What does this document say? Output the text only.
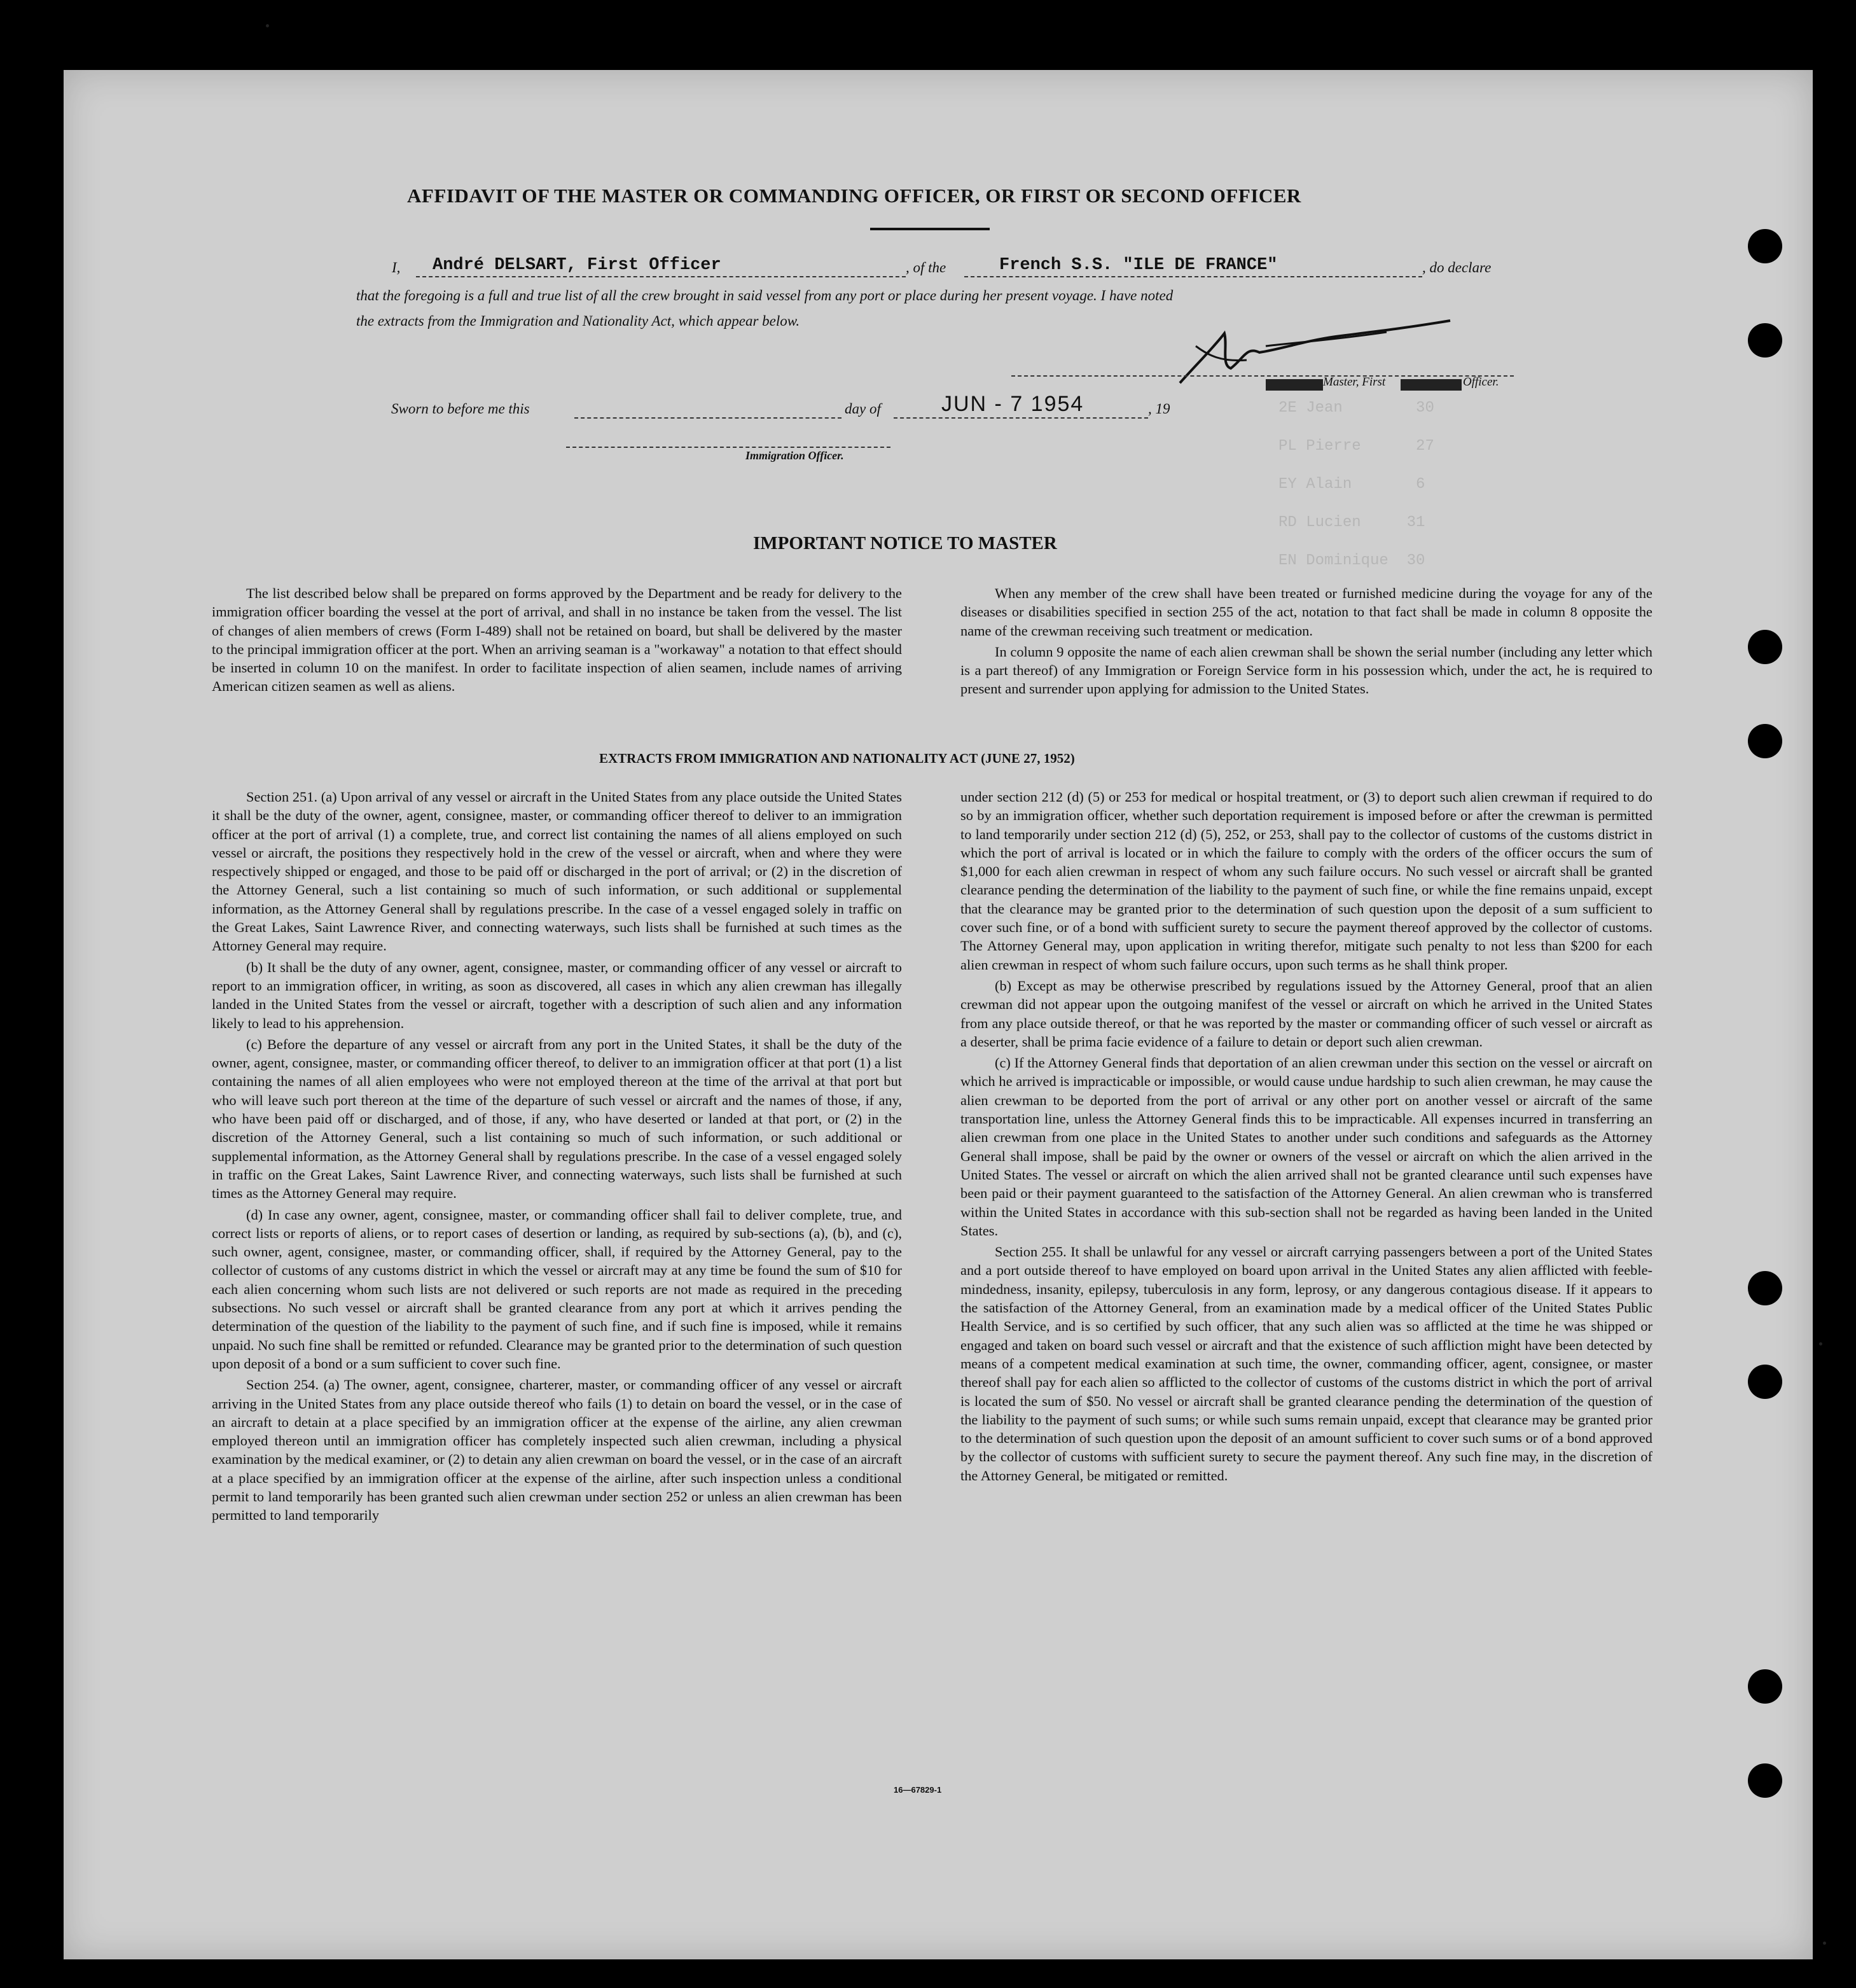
2E Jean        30
PL Pierre      27
EY Alain       6
RD Lucien     31
EN Dominique  30
AFFIDAVIT OF THE MASTER OR COMMANDING OFFICER, OR FIRST OR SECOND OFFICER
I, André DELSART, First Officer	, of the	French S.S. "ILE DE FRANCE"	, do declare
that the foregoing is a full and true list of all the crew brought in said vessel from any port or place during her present voyage. I have noted
the extracts from the Immigration and Nationality Act, which appear below.
Master, First	Officer.
Sworn to before me this	day of	JUN - 7 1954	, 19
Immigration Officer.
IMPORTANT NOTICE TO MASTER

The list described below shall be prepared on forms approved by the Department and be ready for delivery to the immigration officer boarding the vessel at the port of arrival, and shall in no instance be taken from the vessel. The list of changes of alien members of crews (Form I-489) shall not be retained on board, but shall be delivered by the master to the principal immigration officer at the port. When an arriving seaman is a "workaway" a notation to that effect should be inserted in column 10 on the manifest. In order to facilitate inspection of alien seamen, include names of arriving American citizen seamen as well as aliens.

When any member of the crew shall have been treated or furnished medicine during the voyage for any of the diseases or disabilities specified in section 255 of the act, notation to that fact shall be made in column 8 opposite the name of the crewman receiving such treatment or medication.

In column 9 opposite the name of each alien crewman shall be shown the serial number (including any letter which is a part thereof) of any Immigration or Foreign Service form in his possession which, under the act, he is required to present and surrender upon applying for admission to the United States.

EXTRACTS FROM IMMIGRATION AND NATIONALITY ACT (JUNE 27, 1952)

Section 251. (a) Upon arrival of any vessel or aircraft in the United States from any place outside the United States it shall be the duty of the owner, agent, consignee, master, or commanding officer thereof to deliver to an immigration officer at the port of arrival (1) a complete, true, and correct list containing the names of all aliens employed on such vessel or aircraft, the positions they respectively hold in the crew of the vessel or aircraft, when and where they were respectively shipped or engaged, and those to be paid off or discharged in the port of arrival; or (2) in the discretion of the Attorney General, such a list containing so much of such information, or such additional or supplemental information, as the Attorney General shall by regulations prescribe. In the case of a vessel engaged solely in traffic on the Great Lakes, Saint Lawrence River, and connecting waterways, such lists shall be furnished at such times as the Attorney General may require.

(b) It shall be the duty of any owner, agent, consignee, master, or commanding officer of any vessel or aircraft to report to an immigration officer, in writing, as soon as discovered, all cases in which any alien crewman has illegally landed in the United States from the vessel or aircraft, together with a description of such alien and any information likely to lead to his apprehension.

(c) Before the departure of any vessel or aircraft from any port in the United States, it shall be the duty of the owner, agent, consignee, master, or commanding officer thereof, to deliver to an immigration officer at that port (1) a list containing the names of all alien employees who were not employed thereon at the time of the arrival at that port but who will leave such port thereon at the time of the departure of such vessel or aircraft and the names of those, if any, who have been paid off or discharged, and of those, if any, who have deserted or landed at that port, or (2) in the discretion of the Attorney General, such a list containing so much of such information, or such additional or supplemental information, as the Attorney General shall by regulations prescribe. In the case of a vessel engaged solely in traffic on the Great Lakes, Saint Lawrence River, and connecting waterways, such lists shall be furnished at such times as the Attorney General may require.

(d) In case any owner, agent, consignee, master, or commanding officer shall fail to deliver complete, true, and correct lists or reports of aliens, or to report cases of desertion or landing, as required by sub-sections (a), (b), and (c), such owner, agent, consignee, master, or commanding officer, shall, if required by the Attorney General, pay to the collector of customs of any customs district in which the vessel or aircraft may at any time be found the sum of $10 for each alien concerning whom such lists are not delivered or such reports are not made as required in the preceding subsections. No such vessel or aircraft shall be granted clearance from any port at which it arrives pending the determination of the question of the liability to the payment of such fine, and if such fine is imposed, while it remains unpaid. No such fine shall be remitted or refunded. Clearance may be granted prior to the determination of such question upon deposit of a bond or a sum sufficient to cover such fine.

Section 254. (a) The owner, agent, consignee, charterer, master, or commanding officer of any vessel or aircraft arriving in the United States from any place outside thereof who fails (1) to detain on board the vessel, or in the case of an aircraft to detain at a place specified by an immigration officer at the expense of the airline, any alien crewman employed thereon until an immigration officer has completely inspected such alien crewman, including a physical examination by the medical examiner, or (2) to detain any alien crewman on board the vessel, or in the case of an aircraft at a place specified by an immigration officer at the expense of the airline, after such inspection unless a conditional permit to land temporarily has been granted such alien crewman under section 252 or unless an alien crewman has been permitted to land temporarily

under section 212 (d) (5) or 253 for medical or hospital treatment, or (3) to deport such alien crewman if required to do so by an immigration officer, whether such deportation requirement is imposed before or after the crewman is permitted to land temporarily under section 212 (d) (5), 252, or 253, shall pay to the collector of customs of the customs district in which the port of arrival is located or in which the failure to comply with the orders of the officer occurs the sum of $1,000 for each alien crewman in respect of whom any such failure occurs. No such vessel or aircraft shall be granted clearance pending the determination of the liability to the payment of such fine, or while the fine remains unpaid, except that the clearance may be granted prior to the determination of such question upon the deposit of a sum sufficient to cover such fine, or of a bond with sufficient surety to secure the payment thereof approved by the collector of customs. The Attorney General may, upon application in writing therefor, mitigate such penalty to not less than $200 for each alien crewman in respect of whom such failure occurs, upon such terms as he shall think proper.

(b) Except as may be otherwise prescribed by regulations issued by the Attorney General, proof that an alien crewman did not appear upon the outgoing manifest of the vessel or aircraft on which he arrived in the United States from any place outside thereof, or that he was reported by the master or commanding officer of such vessel or aircraft as a deserter, shall be prima facie evidence of a failure to detain or deport such alien crewman.

(c) If the Attorney General finds that deportation of an alien crewman under this section on the vessel or aircraft on which he arrived is impracticable or impossible, or would cause undue hardship to such alien crewman, he may cause the alien crewman to be deported from the port of arrival or any other port on another vessel or aircraft of the same transportation line, unless the Attorney General finds this to be impracticable. All expenses incurred in transferring an alien crewman from one place in the United States to another under such conditions and safeguards as the Attorney General shall impose, shall be paid by the owner or owners of the vessel or aircraft on which the alien arrived in the United States. The vessel or aircraft on which the alien arrived shall not be granted clearance until such expenses have been paid or their payment guaranteed to the satisfaction of the Attorney General. An alien crewman who is transferred within the United States in accordance with this sub-section shall not be regarded as having been landed in the United States.

Section 255. It shall be unlawful for any vessel or aircraft carrying passengers between a port of the United States and a port outside thereof to have employed on board upon arrival in the United States any alien afflicted with feeble-mindedness, insanity, epilepsy, tuberculosis in any form, leprosy, or any dangerous contagious disease. If it appears to the satisfaction of the Attorney General, from an examination made by a medical officer of the United States Public Health Service, and is so certified by such officer, that any such alien was so afflicted at the time he was shipped or engaged and taken on board such vessel or aircraft and that the existence of such affliction might have been detected by means of a competent medical examination at such time, the owner, commanding officer, agent, consignee, or master thereof shall pay for each alien so afflicted to the collector of customs of the customs district in which the port of arrival is located the sum of $50. No vessel or aircraft shall be granted clearance pending the determination of the question of the liability to the payment of such sums; or while such sums remain unpaid, except that clearance may be granted prior to the determination of such question upon the deposit of an amount sufficient to cover such sums or of a bond approved by the collector of customs with sufficient surety to secure the payment thereof. Any such fine may, in the discretion of the Attorney General, be mitigated or remitted.

16—67829-1
